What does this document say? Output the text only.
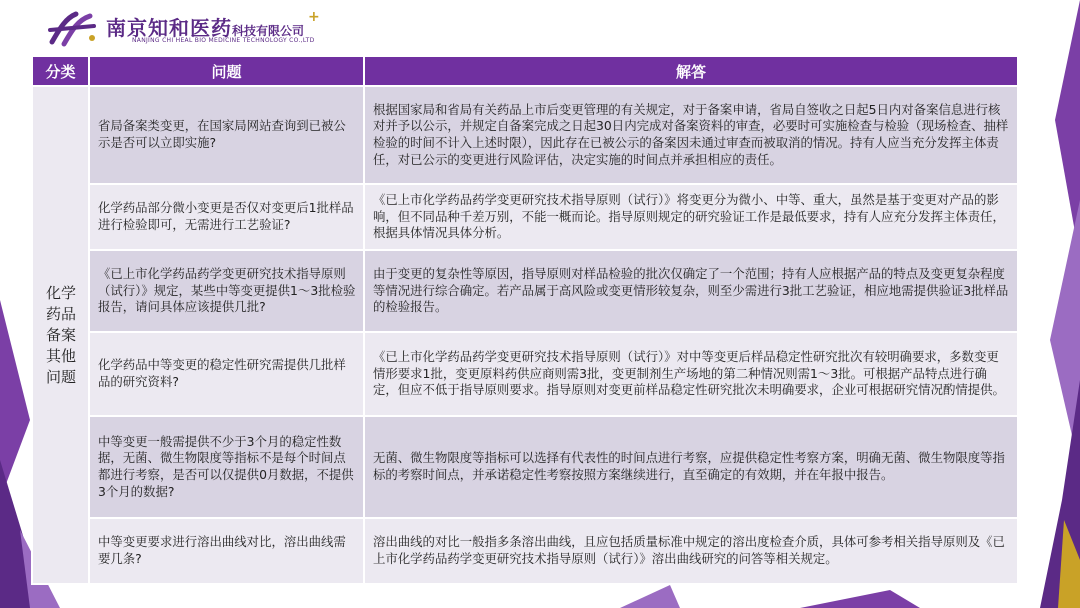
南京知和医药科技有限公司
NANJING CHI HEAL BIO MEDICINE TECHNOLOGY CO.,LTD
+
分类	问题	解答
化学药品备案其他问题	省局备案类变更，在国家局网站查询到已被公示是否可以立即实施?	根据国家局和省局有关药品上市后变更管理的有关规定，对于备案申请，省局自签收之日起5日内对备案信息进行核对并予以公示，并规定自备案完成之日起30日内完成对备案资料的审查，必要时可实施检查与检验（现场检查、抽样检验的时间不计入上述时限），因此存在已被公示的备案因未通过审查而被取消的情况。持有人应当充分发挥主体责任，对已公示的变更进行风险评估，决定实施的时间点并承担相应的责任。
	化学药品部分微小变更是否仅对变更后1批样品进行检验即可，无需进行工艺验证?	《已上市化学药品药学变更研究技术指导原则（试行）》将变更分为微小、中等、重大，虽然是基于变更对产品的影响，但不同品种千差万别，不能一概而论。指导原则规定的研究验证工作是最低要求，持有人应充分发挥主体责任，根据具体情况具体分析。
	《已上市化学药品药学变更研究技术指导原则（试行）》规定，某些中等变更提供1～3批检验报告，请问具体应该提供几批?	由于变更的复杂性等原因，指导原则对样品检验的批次仅确定了一个范围；持有人应根据产品的特点及变更复杂程度等情况进行综合确定。若产品属于高风险或变更情形较复杂，则至少需进行3批工艺验证，相应地需提供验证3批样品的检验报告。
	化学药品中等变更的稳定性研究需提供几批样品的研究资料?	《已上市化学药品药学变更研究技术指导原则（试行）》对中等变更后样品稳定性研究批次有较明确要求，多数变更情形要求1批，变更原料药供应商则需3批，变更制剂生产场地的第二种情况则需1～3批。可根据产品特点进行确定，但应不低于指导原则要求。指导原则对变更前样品稳定性研究批次未明确要求，企业可根据研究情况酌情提供。
	中等变更一般需提供不少于3个月的稳定性数据，无菌、微生物限度等指标不是每个时间点都进行考察，是否可以仅提供0月数据，不提供3个月的数据?	无菌、微生物限度等指标可以选择有代表性的时间点进行考察，应提供稳定性考察方案，明确无菌、微生物限度等指标的考察时间点，并承诺稳定性考察按照方案继续进行，直至确定的有效期，并在年报中报告。
	中等变更要求进行溶出曲线对比，溶出曲线需要几条?	溶出曲线的对比一般指多条溶出曲线，且应包括质量标准中规定的溶出度检查介质，具体可参考相关指导原则及《已上市化学药品药学变更研究技术指导原则（试行）》溶出曲线研究的问答等相关规定。
